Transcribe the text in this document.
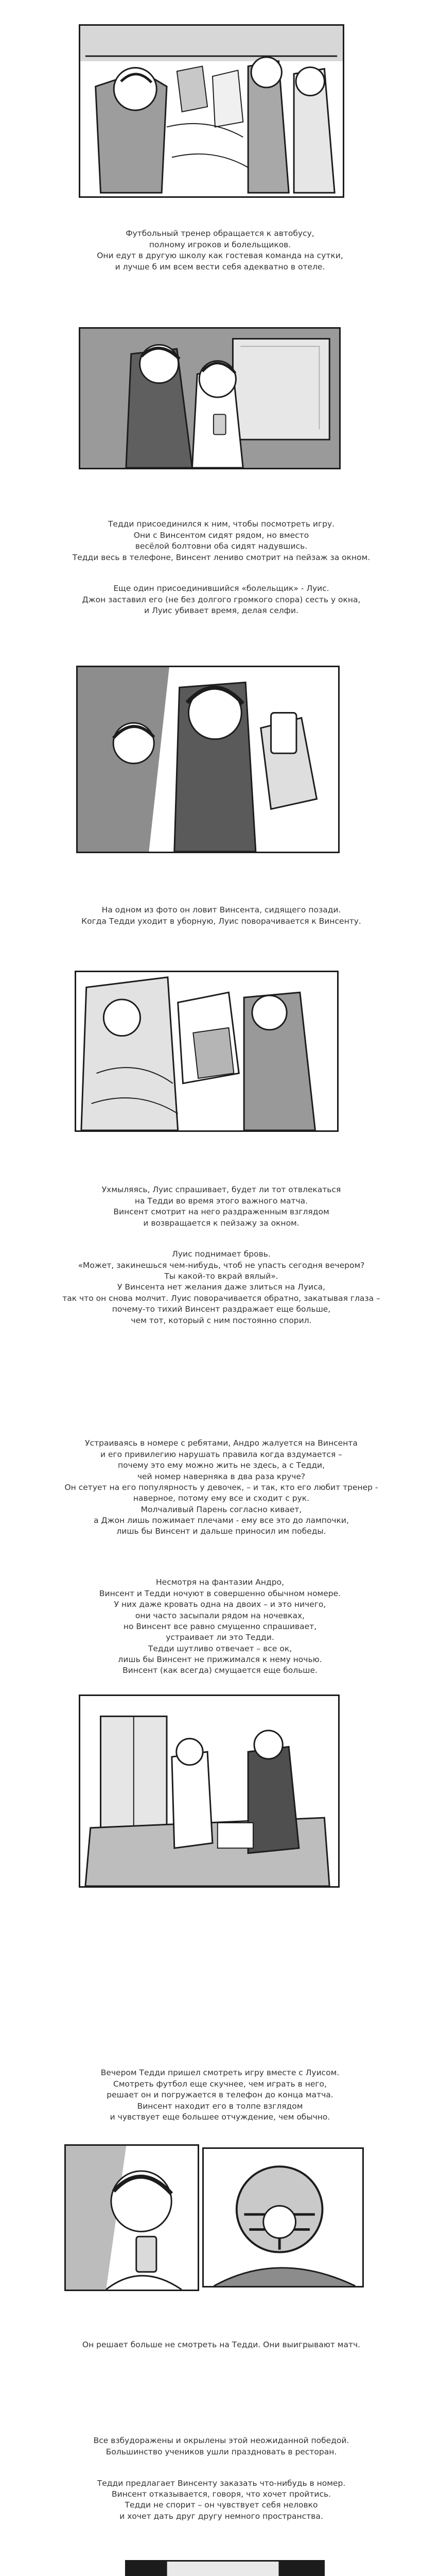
Футбольный тренер обращается к автобусу,
полному игроков и болельщиков.
Они едут в другую школу как гостевая команда на сутки,
и лучше б им всем вести себя адекватно в отеле.

Тедди присоединился к ним, чтобы посмотреть игру.
Они с Винсентом сидят рядом, но вместо
весёлой болтовни оба сидят надувшись.
Тедди весь в телефоне, Винсент лениво смотрит на пейзаж за окном.

Еще один присоединившийся «болельщик» - Луис.
Джон заставил его (не без долгого громкого спора) сесть у окна,
и Луис убивает время, делая селфи.

На одном из фото он ловит Винсента, сидящего позади.
Когда Тедди уходит в уборную, Луис поворачивается к Винсенту.

Ухмыляясь, Луис спрашивает, будет ли тот отвлекаться
на Тедди во время этого важного матча.
Винсент смотрит на него раздраженным взглядом
и возвращается к пейзажу за окном.

Луис поднимает бровь.
«Может, закинешься чем-нибудь, чтоб не упасть сегодня вечером?
Ты какой-то вкрай вялый».
У Винсента нет желания даже злиться на Луиса,
так что он снова молчит. Луис поворачивается обратно, закатывая глаза –
почему-то тихий Винсент раздражает еще больше,
чем тот, который с ним постоянно спорил.

Устраиваясь в номере с ребятами, Андро жалуется на Винсента
и его привилегию нарушать правила когда вздумается –
почему это ему можно жить не здесь, а с Тедди,
чей номер наверняка в два раза круче?
Он сетует на его популярность у девочек, – и так, кто его любит тренер -
наверное, потому ему все и сходит с рук.
Молчаливый Парень согласно кивает,
а Джон лишь пожимает плечами - ему все это до лампочки,
лишь бы Винсент и дальше приносил им победы.

Несмотря на фантазии Андро,
Винсент и Тедди ночуют в совершенно обычном номере.
У них даже кровать одна на двоих – и это ничего,
они часто засыпали рядом на ночевках,
но Винсент все равно смущенно спрашивает,
устраивает ли это Тедди.
Тедди шутливо отвечает – все ок,
лишь бы Винсент не прижимался к нему ночью.
Винсент (как всегда) смущается еще больше.

Вечером Тедди пришел смотреть игру вместе с Луисом.
Смотреть футбол еще скучнее, чем играть в него,
решает он и погружается в телефон до конца матча.
Винсент находит его в толпе взглядом
и чувствует еще большее отчуждение, чем обычно.

Он решает больше не смотреть на Тедди. Они выигрывают матч.

Все взбудоражены и окрылены этой неожиданной победой.
Большинство учеников ушли праздновать в ресторан.

Тедди предлагает Винсенту заказать что-нибудь в номер.
Винсент отказывается, говоря, что хочет пройтись.
Тедди не спорит – он чувствует себя неловко
и хочет дать друг другу немного пространства.
